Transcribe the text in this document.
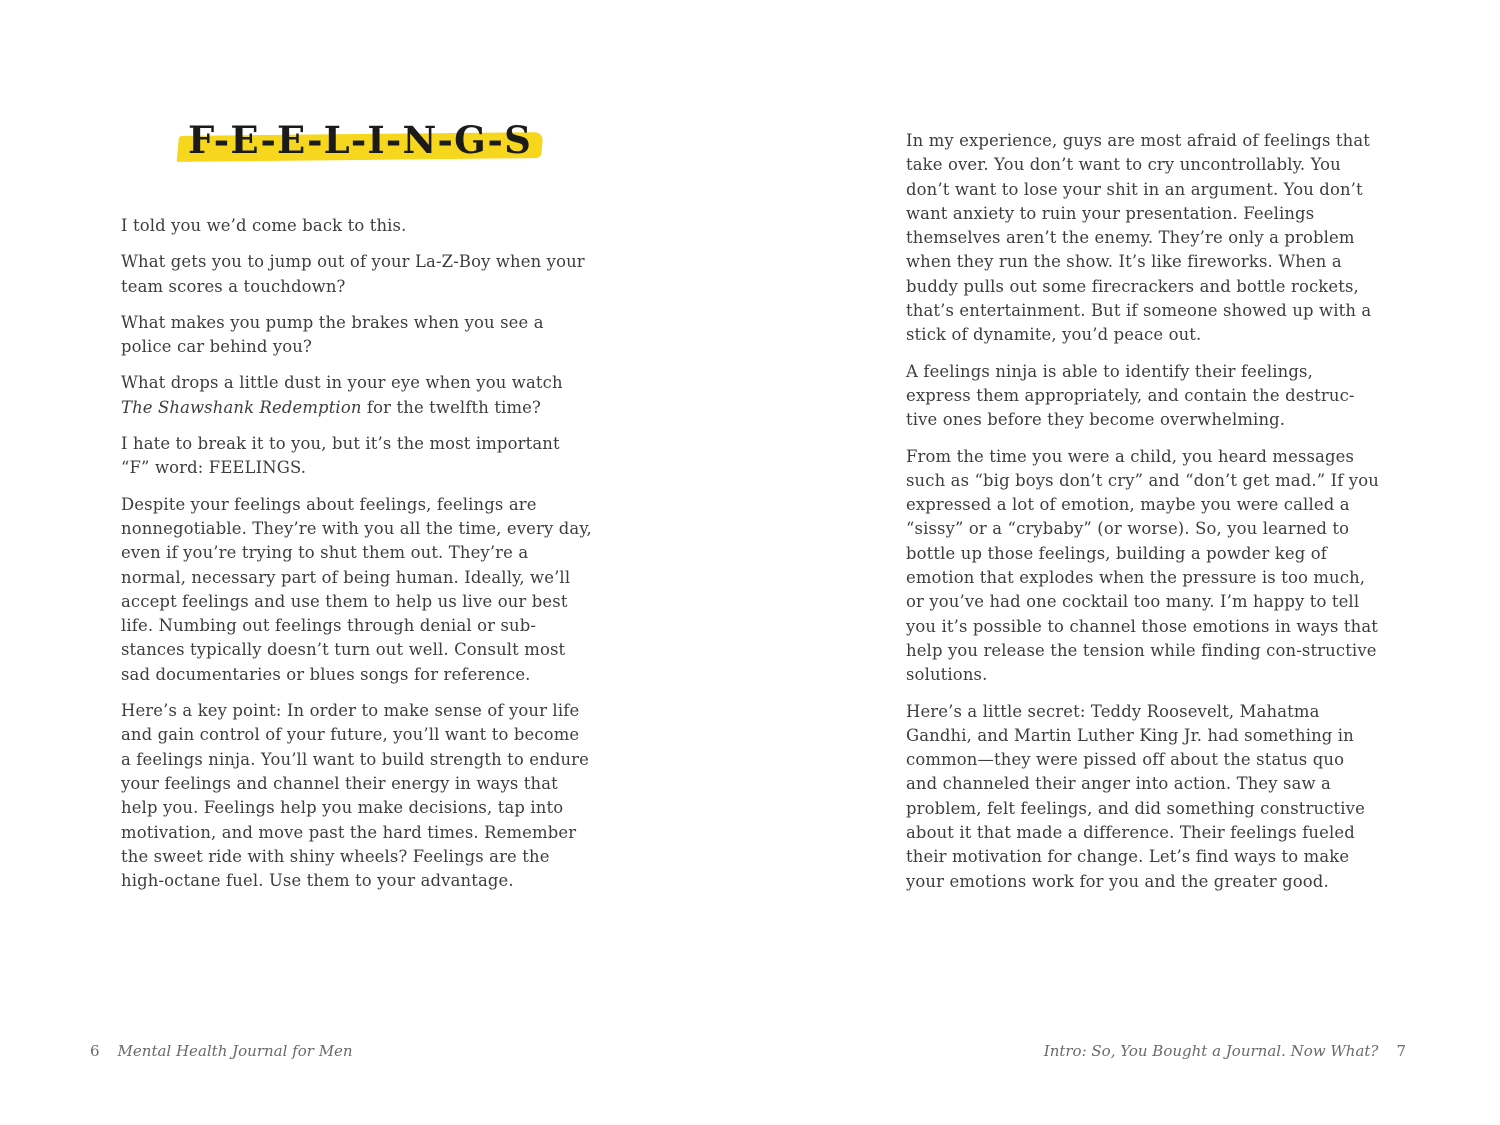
F-E-E-L-I-N-G-S

I told you we’d come back to this.

What gets you to jump out of your La-Z-Boy when your team scores a touchdown?

What makes you pump the brakes when you see a police car behind you?

What drops a little dust in your eye when you watch The Shawshank Redemption for the twelfth time?

I hate to break it to you, but it’s the most important “F” word: FEELINGS.

Despite your feelings about feelings, feelings are nonnegotiable. They’re with you all the time, every day, even if you’re trying to shut them out. They’re a normal, necessary part of being human. Ideally, we’ll accept feelings and use them to help us live our best life. Numbing out feelings through denial or sub-stances typically doesn’t turn out well. Consult most sad documentaries or blues songs for reference.

Here’s a key point: In order to make sense of your life and gain control of your future, you’ll want to become a feelings ninja. You’ll want to build strength to endure your feelings and channel their energy in ways that help you. Feelings help you make decisions, tap into motivation, and move past the hard times. Remember the sweet ride with shiny wheels? Feelings are the high-octane fuel. Use them to your advantage.

6 Mental Health Journal for Men

In my experience, guys are most afraid of feelings that take over. You don’t want to cry uncontrollably. You don’t want to lose your shit in an argument. You don’t want anxiety to ruin your presentation. Feelings themselves aren’t the enemy. They’re only a problem when they run the show. It’s like fireworks. When a buddy pulls out some firecrackers and bottle rockets, that’s entertainment. But if someone showed up with a stick of dynamite, you’d peace out.

A feelings ninja is able to identify their feelings, express them appropriately, and contain the destruc-tive ones before they become overwhelming.

From the time you were a child, you heard messages such as “big boys don’t cry” and “don’t get mad.” If you expressed a lot of emotion, maybe you were called a “sissy” or a “crybaby” (or worse). So, you learned to bottle up those feelings, building a powder keg of emotion that explodes when the pressure is too much, or you’ve had one cocktail too many. I’m happy to tell you it’s possible to channel those emotions in ways that help you release the tension while finding con-structive solutions.

Here’s a little secret: Teddy Roosevelt, Mahatma Gandhi, and Martin Luther King Jr. had something in common—they were pissed off about the status quo and channeled their anger into action. They saw a problem, felt feelings, and did something constructive about it that made a difference. Their feelings fueled their motivation for change. Let’s find ways to make your emotions work for you and the greater good.

Intro: So, You Bought a Journal. Now What? 7
